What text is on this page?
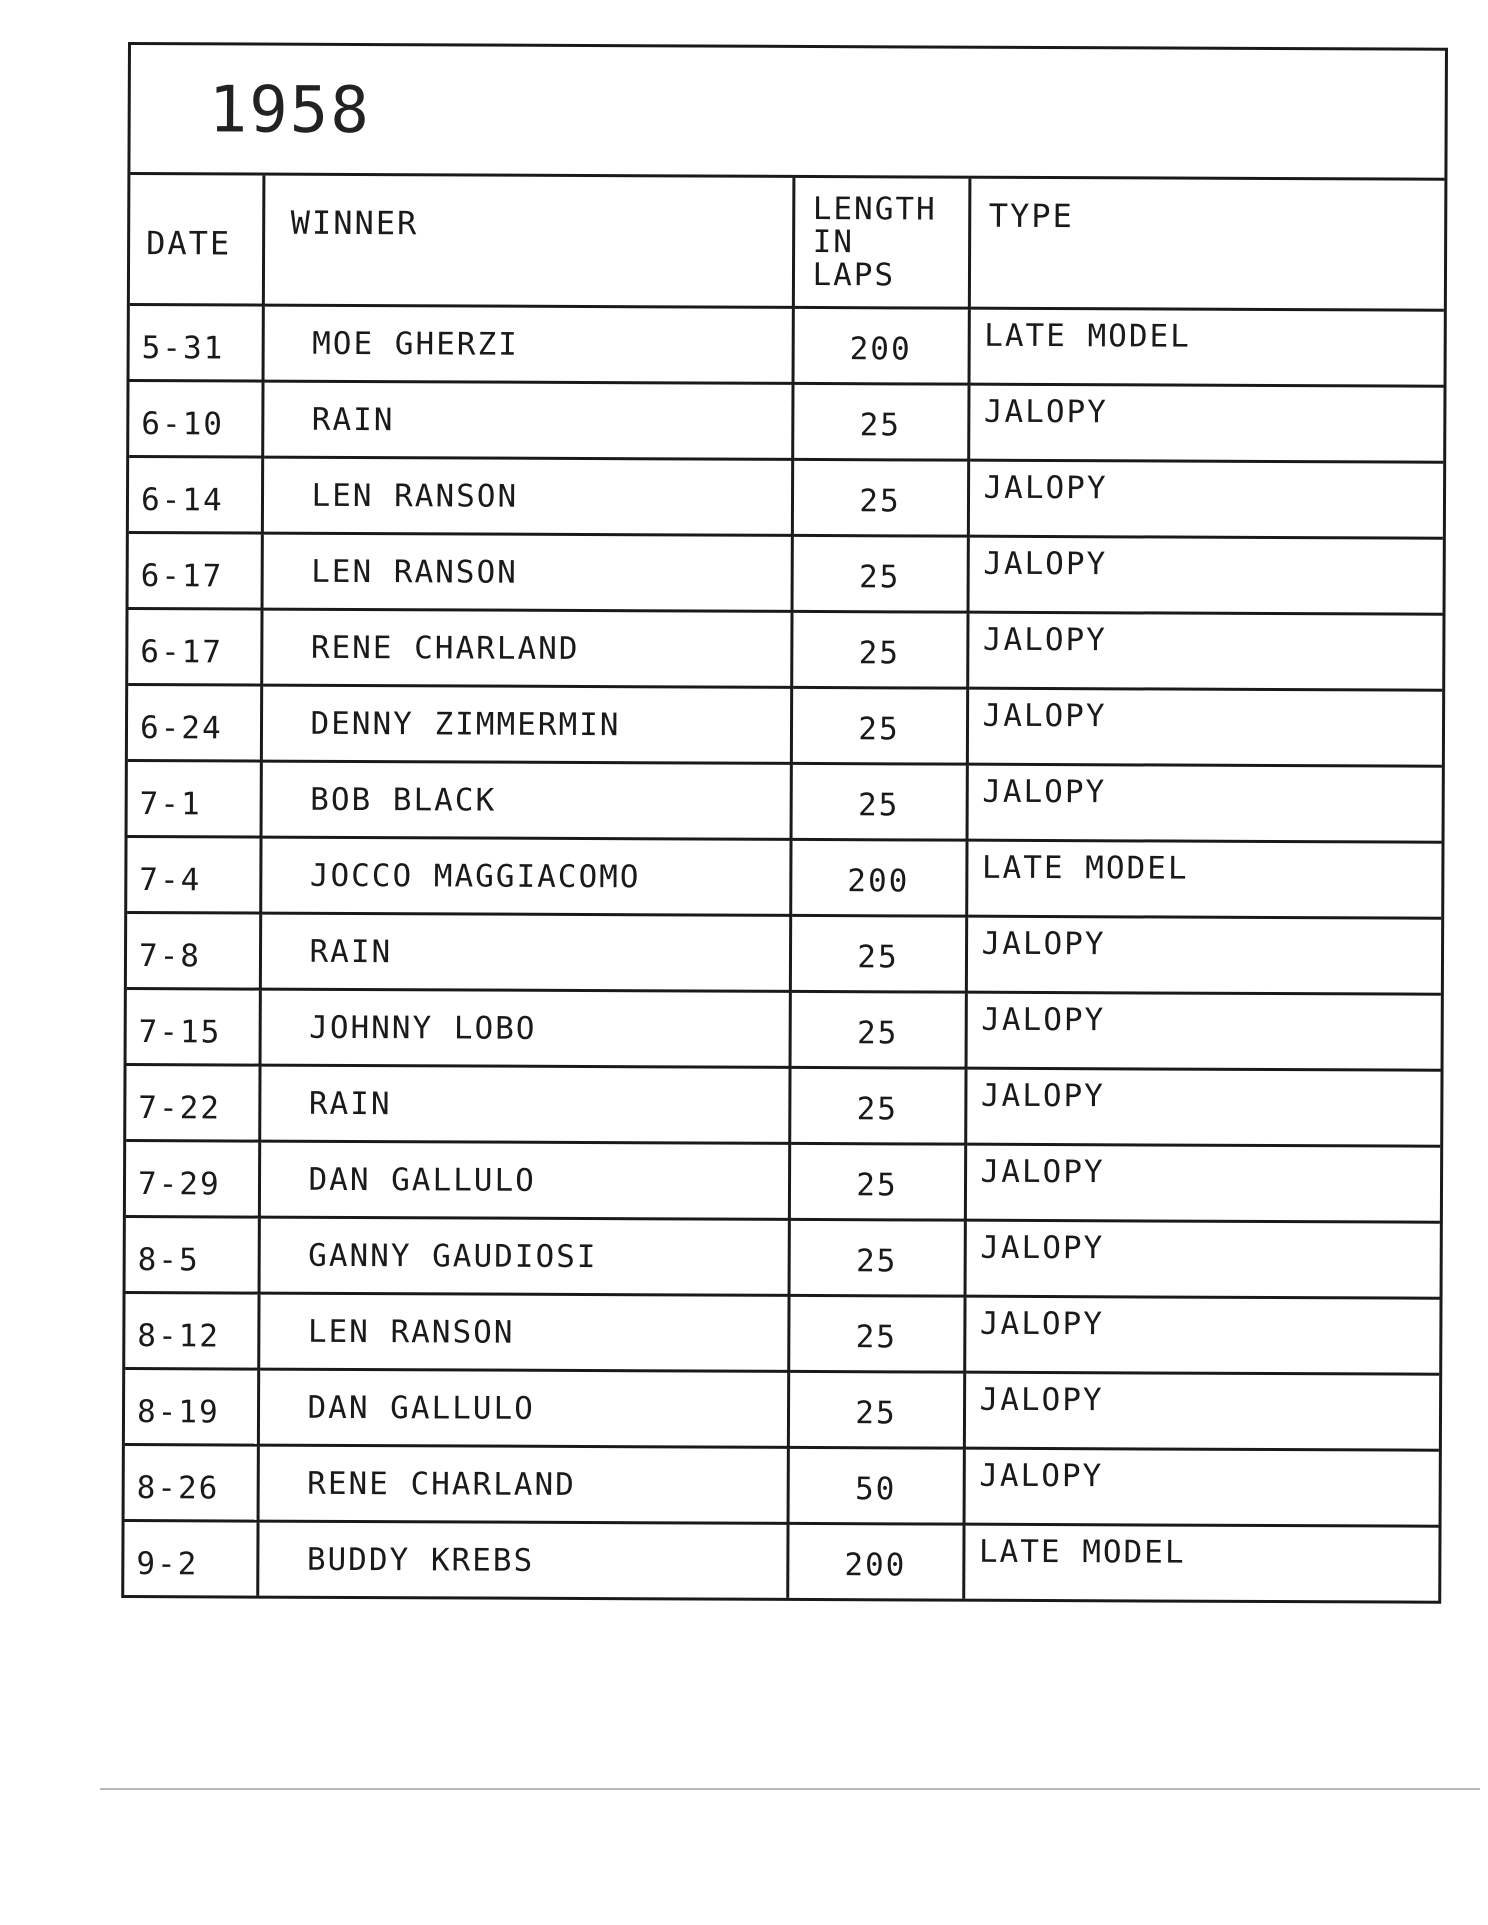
1958
DATE	WINNER	LENGTH
IN
LAPS	TYPE
5-31	MOE GHERZI	200	LATE MODEL
6-10	RAIN	25	JALOPY
6-14	LEN RANSON	25	JALOPY
6-17	LEN RANSON	25	JALOPY
6-17	RENE CHARLAND	25	JALOPY
6-24	DENNY ZIMMERMIN	25	JALOPY
7-1	BOB BLACK	25	JALOPY
7-4	JOCCO MAGGIACOMO	200	LATE MODEL
7-8	RAIN	25	JALOPY
7-15	JOHNNY LOBO	25	JALOPY
7-22	RAIN	25	JALOPY
7-29	DAN GALLULO	25	JALOPY
8-5	GANNY GAUDIOSI	25	JALOPY
8-12	LEN RANSON	25	JALOPY
8-19	DAN GALLULO	25	JALOPY
8-26	RENE CHARLAND	50	JALOPY
9-2	BUDDY KREBS	200	LATE MODEL
